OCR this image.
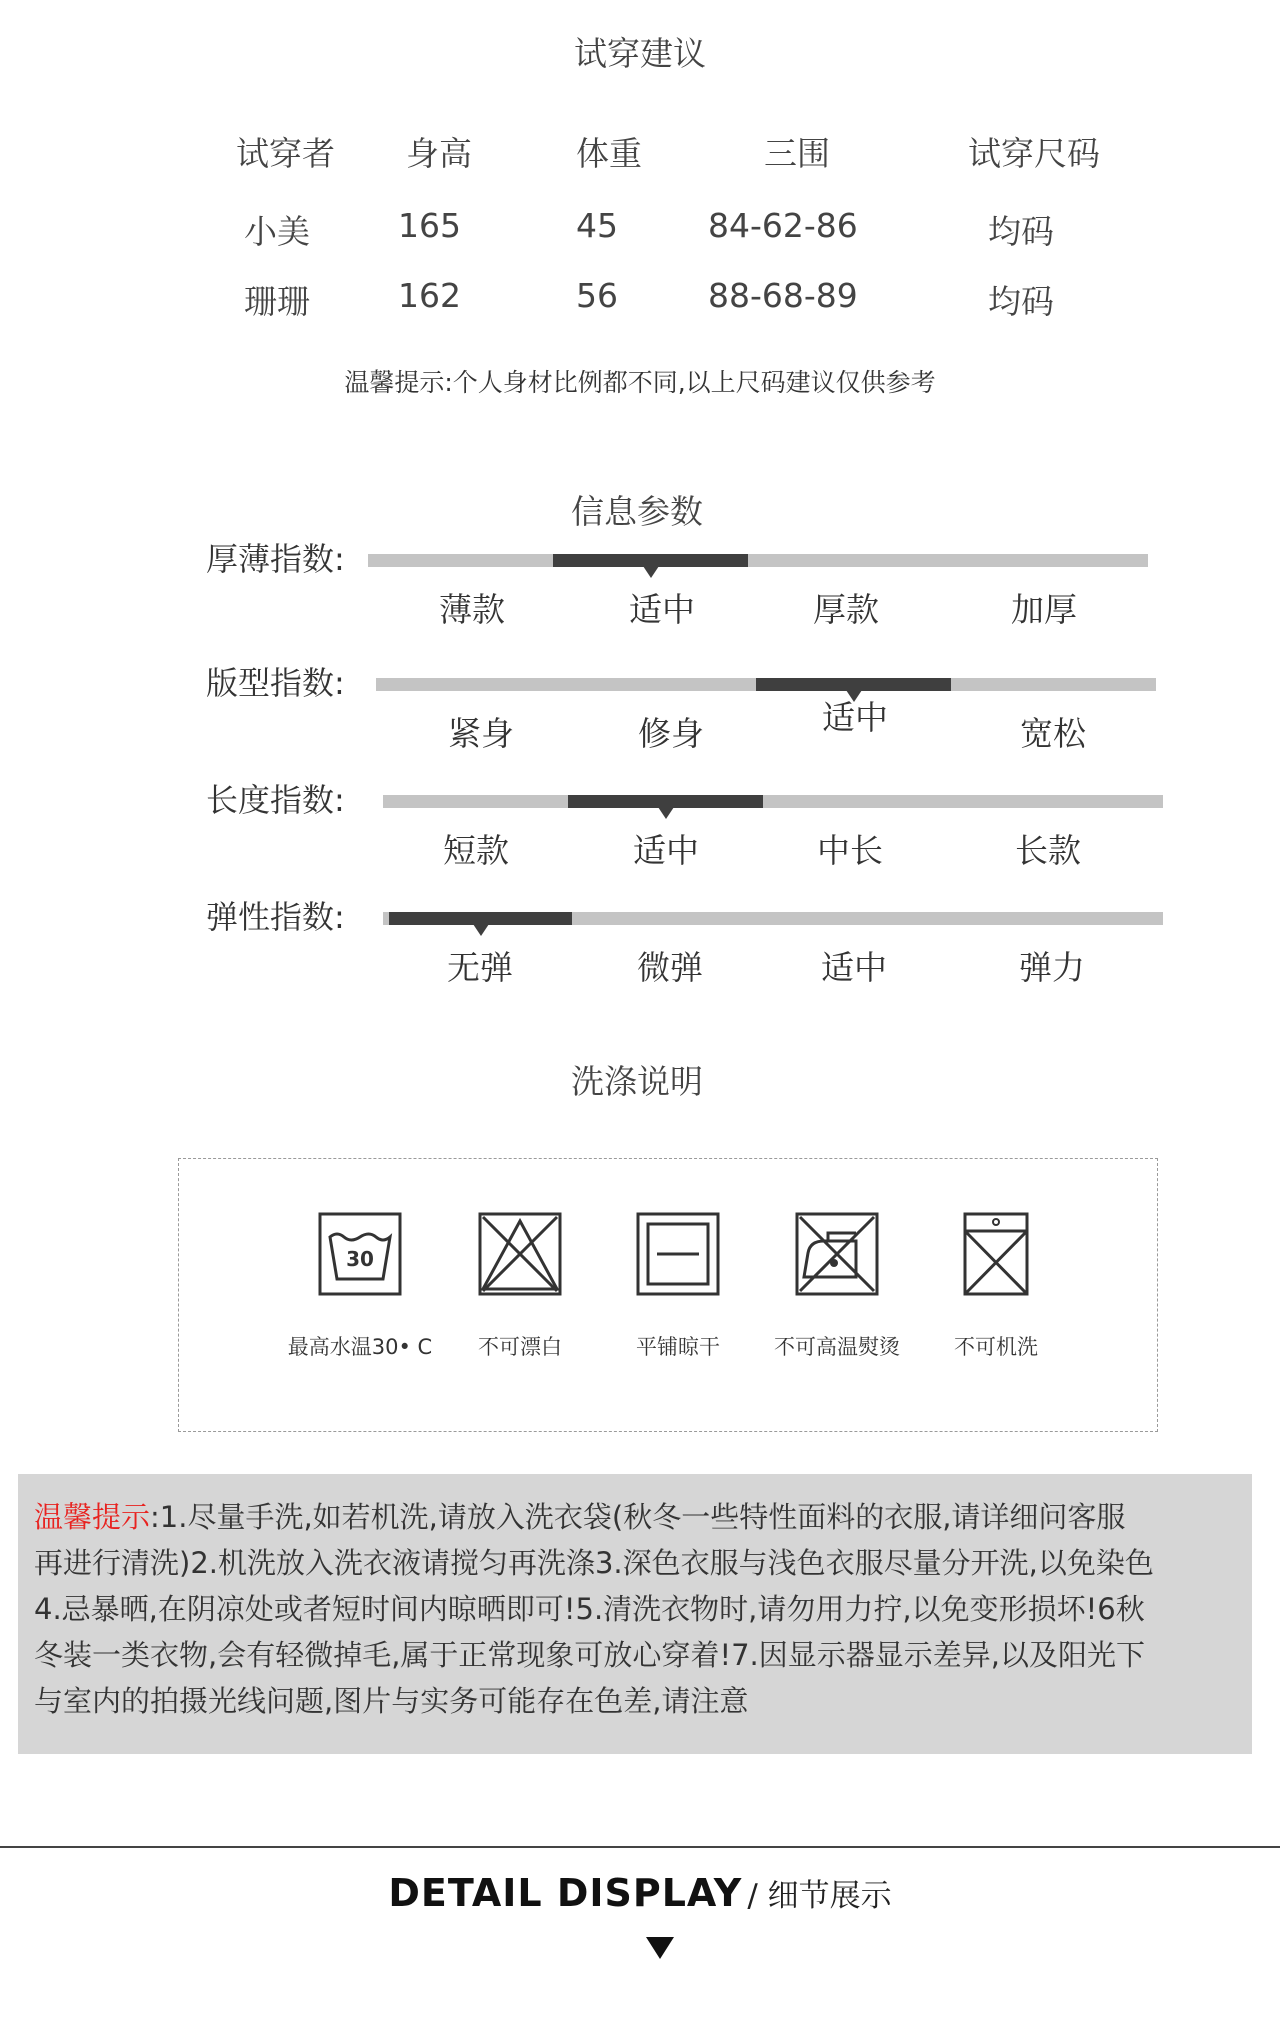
试穿建议
试穿者 身高	体重	三围	试穿尺码
小美	165	45	84-62-86	均码
珊珊	162	56	88-68-89	均码
温馨提示:个人身材比例都不同,以上尺码建议仅供参考
信息参数
厚薄指数:
薄款	适中	厚款	加厚
版型指数:
紧身	修身	适中	宽松
长度指数:
短款	适中	中长	长款
弹性指数:
无弹	微弹	适中	弹力
洗涤说明
30
最高水温30• C	不可漂白	平铺晾干	不可高温熨烫	不可机洗

温馨提示:1.尽量手洗,如若机洗,请放入洗衣袋(秋冬一些特性面料的衣服,请详细问客服

再进行清洗)2.机洗放入洗衣液请搅匀再洗涤3.深色衣服与浅色衣服尽量分开洗,以免染色

4.忌暴晒,在阴凉处或者短时间内晾晒即可!5.清洗衣物时,请勿用力拧,以免变形损坏!6秋

冬装一类衣物,会有轻微掉毛,属于正常现象可放心穿着!7.因显示器显示差异,以及阳光下

与室内的拍摄光线问题,图片与实务可能存在色差,请注意

DETAIL DISPLAY / 细节展示
